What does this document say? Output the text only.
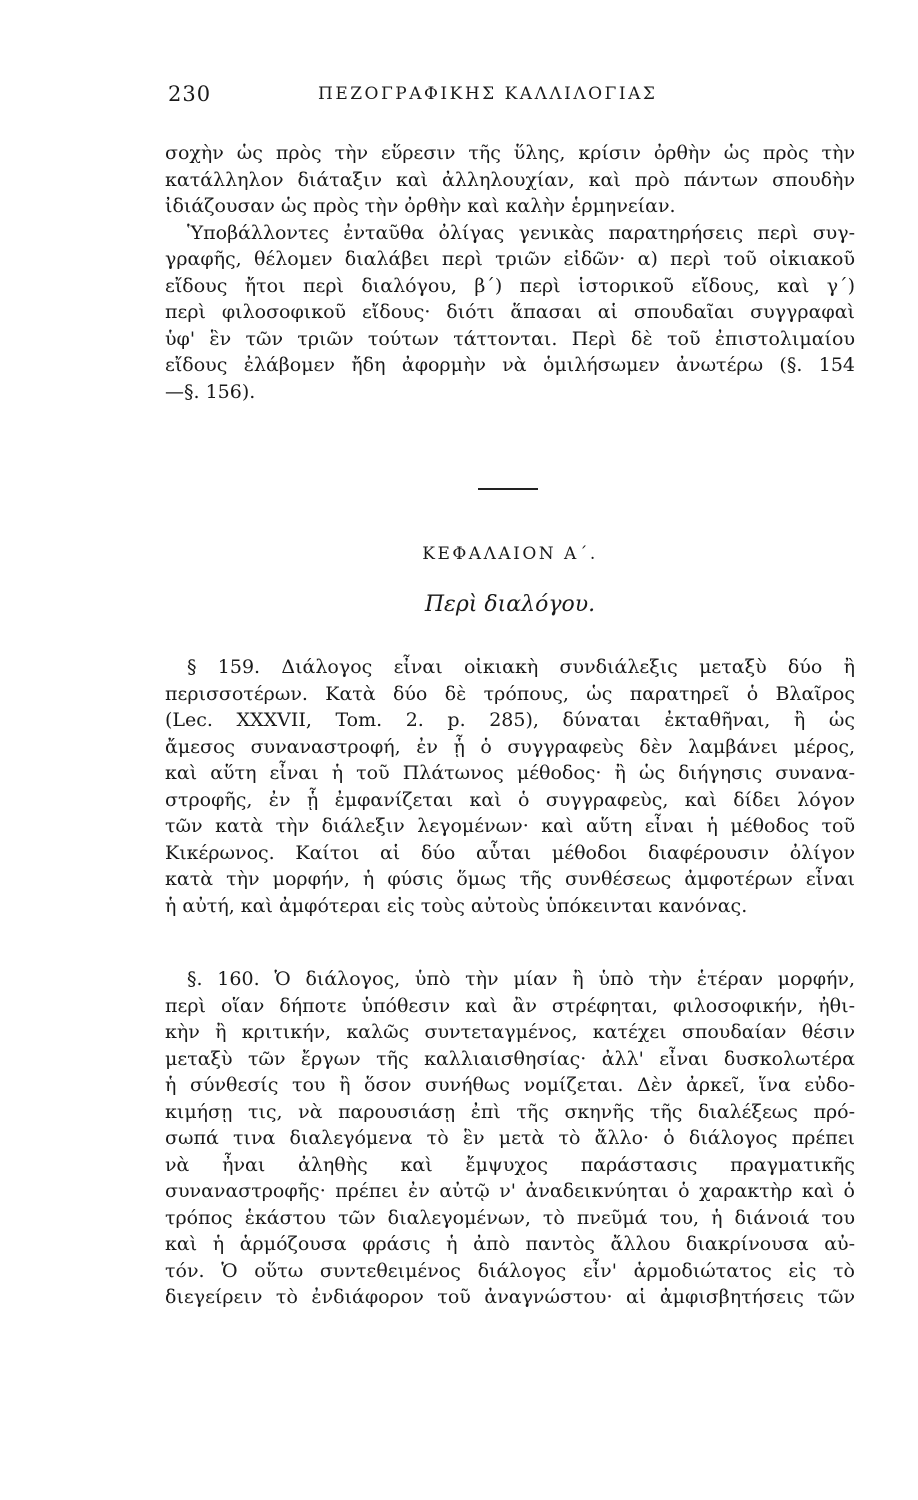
230	ΠΕΖΟΓΡΑΦΙΚΗΣ ΚΑΛΛΙΛΟΓΙΑΣ
σοχὴν ὡς πρὸς τὴν εὕρεσιν τῆς ὕλης, κρίσιν ὀρθὴν ὡς πρὸς τὴν
κατάλληλον διάταξιν καὶ ἀλληλουχίαν, καὶ πρὸ πάντων σπουδὴν
ἰδιάζουσαν ὡς πρὸς τὴν ὀρθὴν καὶ καλὴν ἑρμηνείαν.
Ὑποβάλλοντες ἐνταῦθα ὀλίγας γενικὰς παρατηρήσεις περὶ συγ-
γραφῆς, θέλομεν διαλάβει περὶ τριῶν εἰδῶν· α) περὶ τοῦ οἰκιακοῦ
εἴδους ἤτοι περὶ διαλόγου, β΄) περὶ ἱστορικοῦ εἴδους, καὶ γ΄)
περὶ φιλοσοφικοῦ εἴδους· διότι ἅπασαι αἱ σπουδαῖαι συγγραφαὶ
ὑφ' ἓν τῶν τριῶν τούτων τάττονται. Περὶ δὲ τοῦ ἐπιστολιμαίου
εἴδους ἐλάβομεν ἤδη ἀφορμὴν νὰ ὁμιλήσωμεν ἀνωτέρω (§. 154
—§. 156).
ΚΕΦΑΛΑΙΟΝ Α΄.
Περὶ διαλόγου.
§ 159. Διάλογος εἶναι οἰκιακὴ συνδιάλεξις μεταξὺ δύο ἢ
περισσοτέρων. Κατὰ δύο δὲ τρόπους, ὡς παρατηρεῖ ὁ Βλαῖρος
(Lec. XXXVII, Tom. 2. p. 285), δύναται ἐκταθῆναι, ἢ ὡς
ἄμεσος συναναστροφή, ἐν ᾗ ὁ συγγραφεὺς δὲν λαμβάνει μέρος,
καὶ αὕτη εἶναι ἡ τοῦ Πλάτωνος μέθοδος· ἢ ὡς διήγησις συνανα-
στροφῆς, ἐν ᾗ ἐμφανίζεται καὶ ὁ συγγραφεὺς, καὶ δίδει λόγον
τῶν κατὰ τὴν διάλεξιν λεγομένων· καὶ αὕτη εἶναι ἡ μέθοδος τοῦ
Κικέρωνος. Καίτοι αἱ δύο αὗται μέθοδοι διαφέρουσιν ὀλίγον
κατὰ τὴν μορφήν, ἡ φύσις ὅμως τῆς συνθέσεως ἀμφοτέρων εἶναι
ἡ αὐτή, καὶ ἀμφότεραι εἰς τοὺς αὐτοὺς ὑπόκεινται κανόνας.
§. 160. Ὁ διάλογος, ὑπὸ τὴν μίαν ἢ ὑπὸ τὴν ἑτέραν μορφήν,
περὶ οἵαν δήποτε ὑπόθεσιν καὶ ἂν στρέφηται, φιλοσοφικήν, ἠθι-
κὴν ἢ κριτικήν, καλῶς συντεταγμένος, κατέχει σπουδαίαν θέσιν
μεταξὺ τῶν ἔργων τῆς καλλιαισθησίας· ἀλλ' εἶναι δυσκολωτέρα
ἡ σύνθεσίς του ἢ ὅσον συνήθως νομίζεται. Δὲν ἀρκεῖ, ἵνα εὐδο-
κιμήσῃ τις, νὰ παρουσιάσῃ ἐπὶ τῆς σκηνῆς τῆς διαλέξεως πρό-
σωπά τινα διαλεγόμενα τὸ ἓν μετὰ τὸ ἄλλο· ὁ διάλογος πρέπει
νὰ ἦναι ἀληθὴς καὶ ἔμψυχος παράστασις πραγματικῆς συναναστροφῆς· πρέπει ἐν αὐτῷ ν' ἀναδεικνύηται ὁ χαρακτὴρ καὶ ὁ
τρόπος ἑκάστου τῶν διαλεγομένων, τὸ πνεῦμά του, ἡ διάνοιά του
καὶ ἡ ἁρμόζουσα φράσις ἡ ἀπὸ παντὸς ἄλλου διακρίνουσα αὐ-
τόν. Ὁ οὕτω συντεθειμένος διάλογος εἶν' ἁρμοδιώτατος εἰς τὸ
διεγείρειν τὸ ἐνδιάφορον τοῦ ἀναγνώστου· αἱ ἀμφισβητήσεις τῶν
